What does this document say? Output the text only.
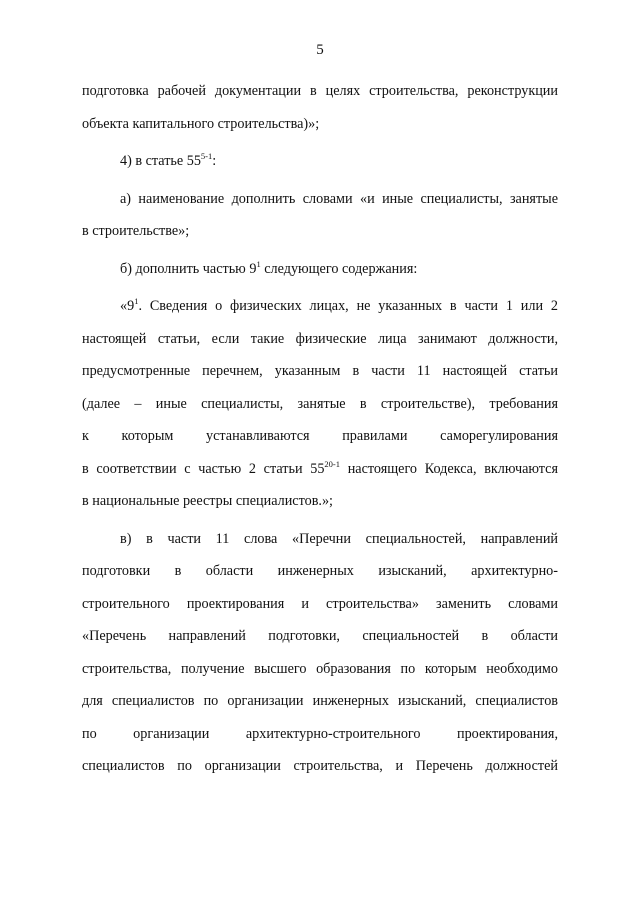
5
подготовка рабочей документации в целях строительства, реконструкции
объекта капитального строительства)»;
4) в статье 55$^{5-1}$:
а) наименование дополнить словами «и иные специалисты, занятые
в строительстве»;
б) дополнить частью $9^1$ следующего содержания:
«$9^1$. Сведения о физических лицах, не указанных в части 1 или 2
настоящей статьи, если такие физические лица занимают должности,
предусмотренные перечнем, указанным в части 11 настоящей статьи
(далее – иные специалисты, занятые в строительстве), требования
к которым устанавливаются правилами саморегулирования
в соответствии с частью 2 статьи 55$^{20-1}$ настоящего Кодекса, включаются
в национальные реестры специалистов.»;
в) в части 11 слова «Перечни специальностей, направлений
подготовки в области инженерных изысканий, архитектурно-
строительного проектирования и строительства» заменить словами
«Перечень направлений подготовки, специальностей в области
строительства, получение высшего образования по которым необходимо
для специалистов по организации инженерных изысканий, специалистов
по организации архитектурно-строительного проектирования,
специалистов по организации строительства, и Перечень должностей
